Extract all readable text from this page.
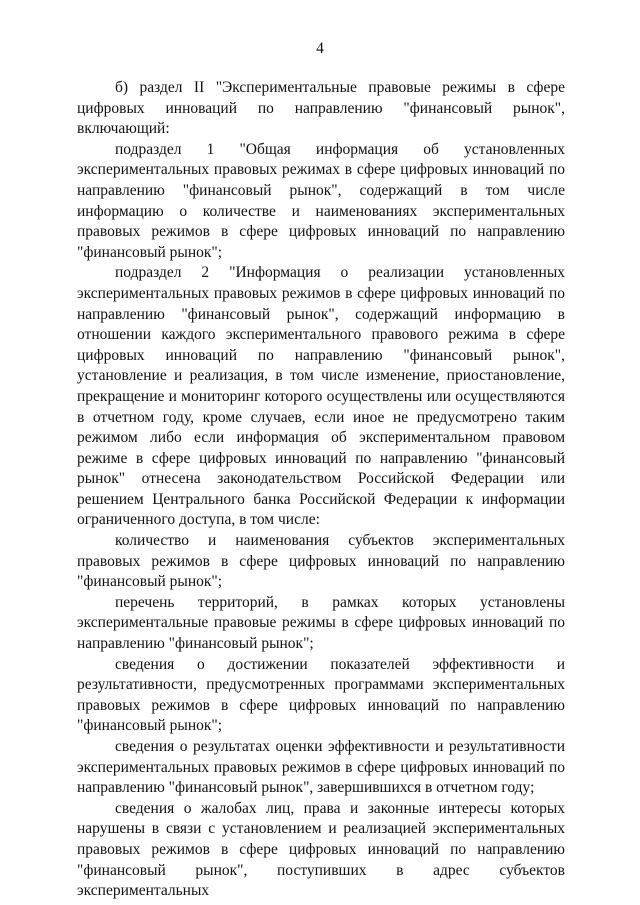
4

б) раздел II "Экспериментальные правовые режимы в сфере цифровых инноваций по направлению "финансовый рынок", включающий:

подраздел 1 "Общая информация об установленных экспериментальных правовых режимах в сфере цифровых инноваций по направлению "финансовый рынок", содержащий в том числе информацию о количестве и наименованиях экспериментальных правовых режимов в сфере цифровых инноваций по направлению "финансовый рынок";

подраздел 2 "Информация о реализации установленных экспериментальных правовых режимов в сфере цифровых инноваций по направлению "финансовый рынок", содержащий информацию в отношении каждого экспериментального правового режима в сфере цифровых инноваций по направлению "финансовый рынок", установление и реализация, в том числе изменение, приостановление, прекращение и мониторинг которого осуществлены или осуществляются в отчетном году, кроме случаев, если иное не предусмотрено таким режимом либо если информация об экспериментальном правовом режиме в сфере цифровых инноваций по направлению "финансовый рынок" отнесена законодательством Российской Федерации или решением Центрального банка Российской Федерации к информации ограниченного доступа, в том числе:

количество и наименования субъектов экспериментальных правовых режимов в сфере цифровых инноваций по направлению "финансовый рынок";

перечень территорий, в рамках которых установлены экспериментальные правовые режимы в сфере цифровых инноваций по направлению "финансовый рынок";

сведения о достижении показателей эффективности и результативности, предусмотренных программами экспериментальных правовых режимов в сфере цифровых инноваций по направлению "финансовый рынок";

сведения о результатах оценки эффективности и результативности экспериментальных правовых режимов в сфере цифровых инноваций по направлению "финансовый рынок", завершившихся в отчетном году;

сведения о жалобах лиц, права и законные интересы которых нарушены в связи с установлением и реализацией экспериментальных правовых режимов в сфере цифровых инноваций по направлению "финансовый рынок", поступивших в адрес субъектов экспериментальных
